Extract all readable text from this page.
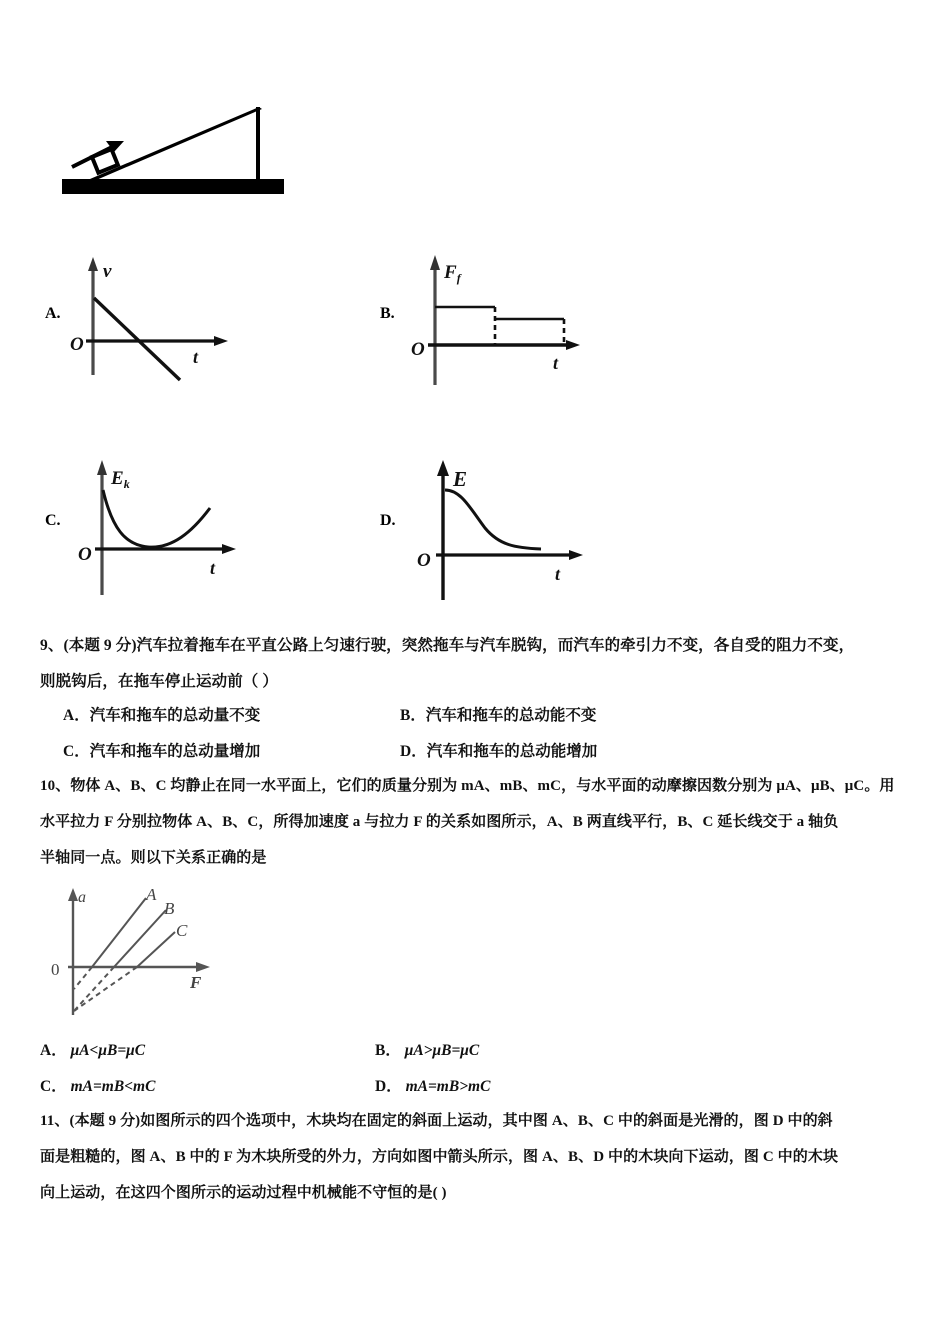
A.
v
O
t
B.
$F_f$
O
t
C.
$E_k$
O
t
D.
E
O
t
9、(本题 9 分)汽车拉着拖车在平直公路上匀速行驶，突然拖车与汽车脱钩，而汽车的牵引力不变，各自受的阻力不变，
则脱钩后，在拖车停止运动前（ ）
A．汽车和拖车的总动量不变	B．汽车和拖车的总动能不变
C．汽车和拖车的总动量增加	D．汽车和拖车的总动能增加
10、物体 A、B、C 均静止在同一水平面上，它们的质量分别为 mA、mB、mC，与水平面的动摩擦因数分别为 μA、μB、μC。用
水平拉力 F 分别拉物体 A、B、C，所得加速度 a 与拉力 F 的关系如图所示，A、B 两直线平行，B、C 延长线交于 a 轴负
半轴同一点。则以下关系正确的是
A
B
C
0
a
F
A． μA<μB=μC	B． μA>μB=μC
C． mA=mB<mC	D． mA=mB>mC
11、(本题 9 分)如图所示的四个选项中，木块均在固定的斜面上运动，其中图 A、B、C 中的斜面是光滑的，图 D 中的斜
面是粗糙的，图 A、B 中的 F 为木块所受的外力，方向如图中箭头所示，图 A、B、D 中的木块向下运动，图 C 中的木块
向上运动，在这四个图所示的运动过程中机械能不守恒的是( )
